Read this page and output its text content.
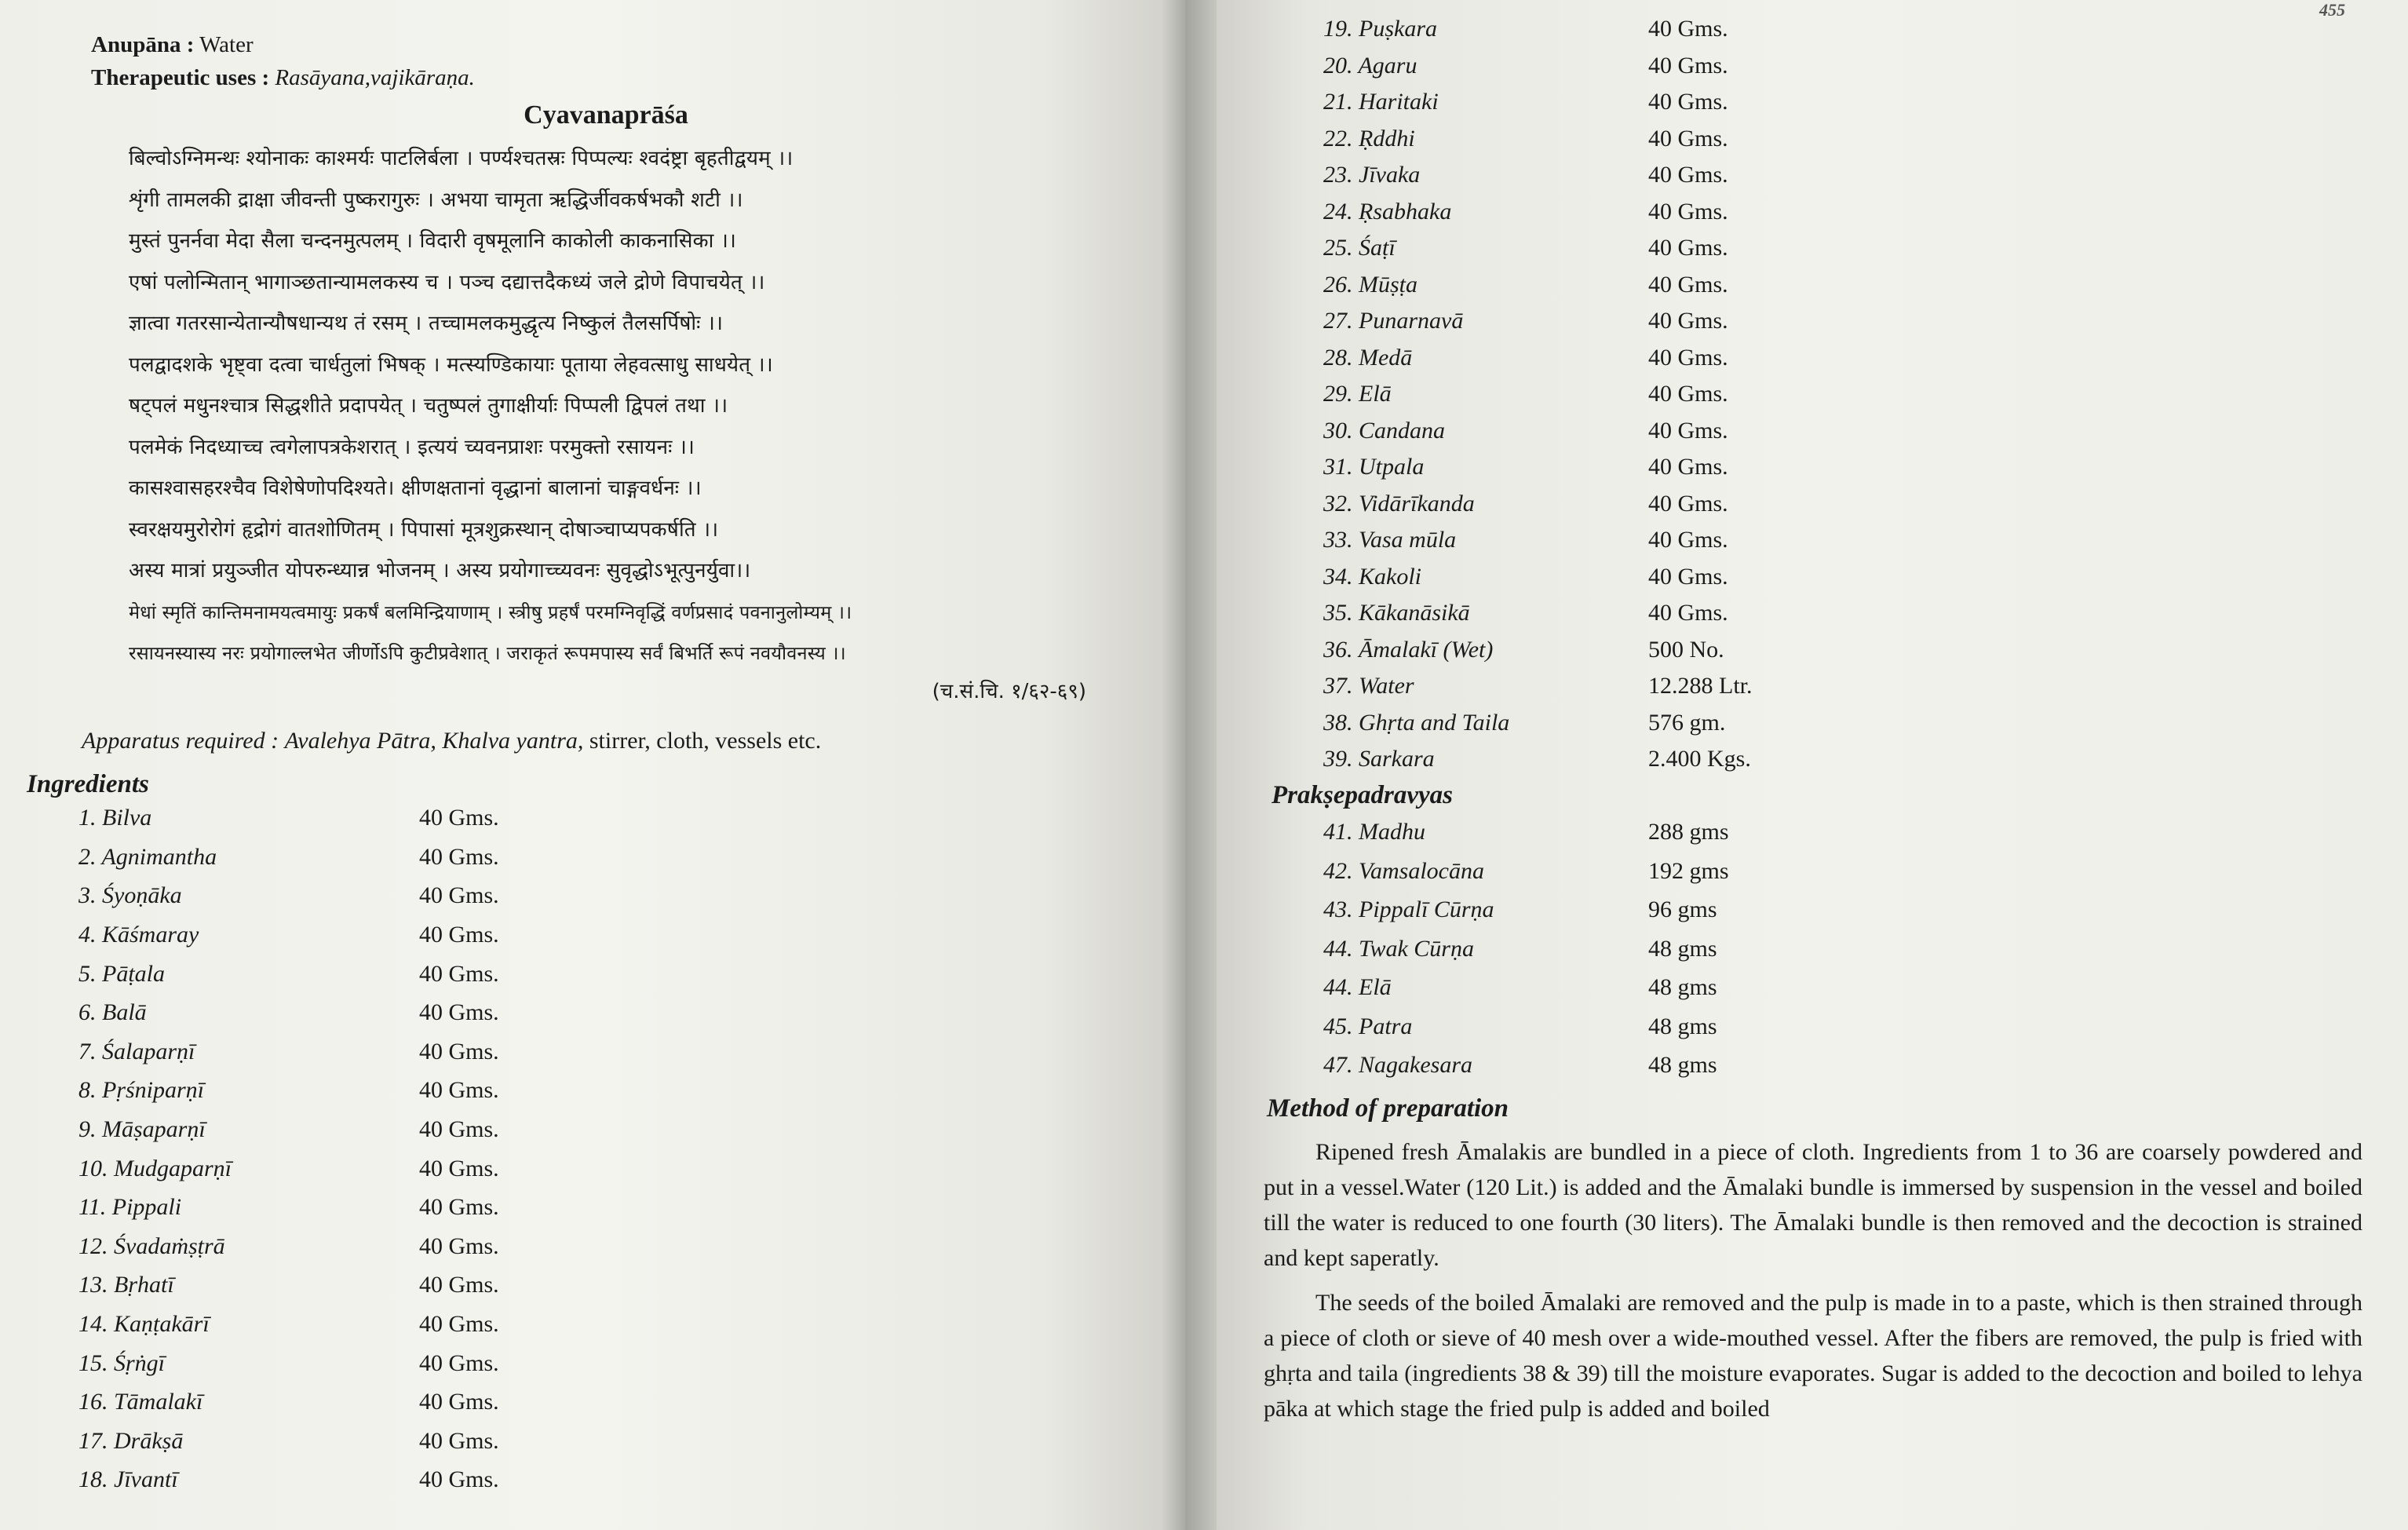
Anupāna : Water
Therapeutic uses : Rasāyana,vajikāraṇa.
Cyavanaprāśa
बिल्वोऽग्निमन्थः श्योनाकः काश्मर्यः पाटलिर्बला । पर्ण्यश्चतस्रः पिप्पल्यः श्वदंष्ट्रा बृहतीद्वयम् ।।
शृंगी तामलकी द्राक्षा जीवन्ती पुष्करागुरुः । अभया चामृता ऋद्धिर्जीवकर्षभकौ शटी ।।
मुस्तं पुनर्नवा मेदा सैला चन्दनमुत्पलम् । विदारी वृषमूलानि काकोली काकनासिका ।।
एषां पलोन्मितान् भागाञ्छतान्यामलकस्य च । पञ्च दद्यात्तदैकध्यं जले द्रोणे विपाचयेत् ।।
ज्ञात्वा गतरसान्येतान्यौषधान्यथ तं रसम् । तच्चामलकमुद्धृत्य निष्कुलं तैलसर्पिषोः ।।
पलद्वादशके भृष्ट्वा दत्वा चार्धतुलां भिषक् । मत्स्यण्डिकायाः पूताया लेहवत्साधु साधयेत् ।।
षट्पलं मधुनश्चात्र सिद्धशीते प्रदापयेत् । चतुष्पलं तुगाक्षीर्याः पिप्पली द्विपलं तथा ।।
पलमेकं निदध्याच्च त्वगेलापत्रकेशरात् । इत्ययं च्यवनप्राशः परमुक्तो रसायनः ।।
कासश्वासहरश्चैव विशेषेणोपदिश्यते। क्षीणक्षतानां वृद्धानां बालानां चाङ्गवर्धनः ।।
स्वरक्षयमुरोरोगं हृद्रोगं वातशोणितम् । पिपासां मूत्रशुक्रस्थान् दोषाञ्चाप्यपकर्षति ।।
अस्य मात्रां प्रयुञ्जीत योपरुन्ध्यान्न भोजनम् । अस्य प्रयोगाच्च्यवनः सुवृद्धोऽभूत्पुनर्युवा।।
मेधां स्मृतिं कान्तिमनामयत्वमायुः प्रकर्षं बलमिन्द्रियाणाम् । स्त्रीषु प्रहर्षं परमग्निवृद्धिं वर्णप्रसादं पवनानुलोम्यम् ।।
रसायनस्यास्य नरः प्रयोगाल्लभेत जीर्णोऽपि कुटीप्रवेशात् । जराकृतं रूपमपास्य सर्वं बिभर्ति रूपं नवयौवनस्य ।।
(च.सं.चि. १/६२-६९)
Apparatus required : Avalehya Pātra, Khalva yantra, stirrer, cloth, vessels etc.
Ingredients
1. Bilva	40 Gms.
2. Agnimantha	40 Gms.
3. Śyoṇāka	40 Gms.
4. Kāśmaray	40 Gms.
5. Pāṭala	40 Gms.
6. Balā	40 Gms.
7. Śalaparṇī	40 Gms.
8. Pṛśniparṇī	40 Gms.
9. Māṣaparṇī	40 Gms.
10. Mudgaparṇī	40 Gms.
11. Pippali	40 Gms.
12. Śvadaṁṣṭrā	40 Gms.
13. Bṛhatī	40 Gms.
14. Kaṇṭakārī	40 Gms.
15. Śṛṅgī	40 Gms.
16. Tāmalakī	40 Gms.
17. Drākṣā	40 Gms.
18. Jīvantī	40 Gms.
455
19. Puṣkara	40 Gms.
20. Agaru	40 Gms.
21. Haritaki	40 Gms.
22. Ṛddhi	40 Gms.
23. Jīvaka	40 Gms.
24. Ṛsabhaka	40 Gms.
25. Śaṭī	40 Gms.
26. Mūṣṭa	40 Gms.
27. Punarnavā	40 Gms.
28. Medā	40 Gms.
29. Elā	40 Gms.
30. Candana	40 Gms.
31. Utpala	40 Gms.
32. Vidārīkanda	40 Gms.
33. Vasa mūla	40 Gms.
34. Kakoli	40 Gms.
35. Kākanāsikā	40 Gms.
36. Āmalakī (Wet)	500 No.
37. Water	12.288 Ltr.
38. Ghṛta and Taila	576 gm.
39. Sarkara	2.400 Kgs.
Prakṣepadravyas
41. Madhu	288 gms
42. Vamsalocāna	192 gms
43. Pippalī Cūrṇa	96 gms
44. Twak Cūrṇa	48 gms
44. Elā	48 gms
45. Patra	48 gms
47. Nagakesara	48 gms
Method of preparation

Ripened fresh Āmalakis are bundled in a piece of cloth. Ingredients from 1 to 36 are coarsely powdered and put in a vessel.Water (120 Lit.) is added and the Āmalaki bundle is immersed by suspension in the vessel and boiled till the water is reduced to one fourth (30 liters). The Āmalaki bundle is then removed and the decoction is strained and kept saperatly.

The seeds of the boiled Āmalaki are removed and the pulp is made in to a paste, which is then strained through a piece of cloth or sieve of 40 mesh over a wide-mouthed vessel. After the fibers are removed, the pulp is fried with ghṛta and taila (ingredients 38 & 39) till the moisture evaporates. Sugar is added to the decoction and boiled to lehya pāka at which stage the fried pulp is added and boiled
